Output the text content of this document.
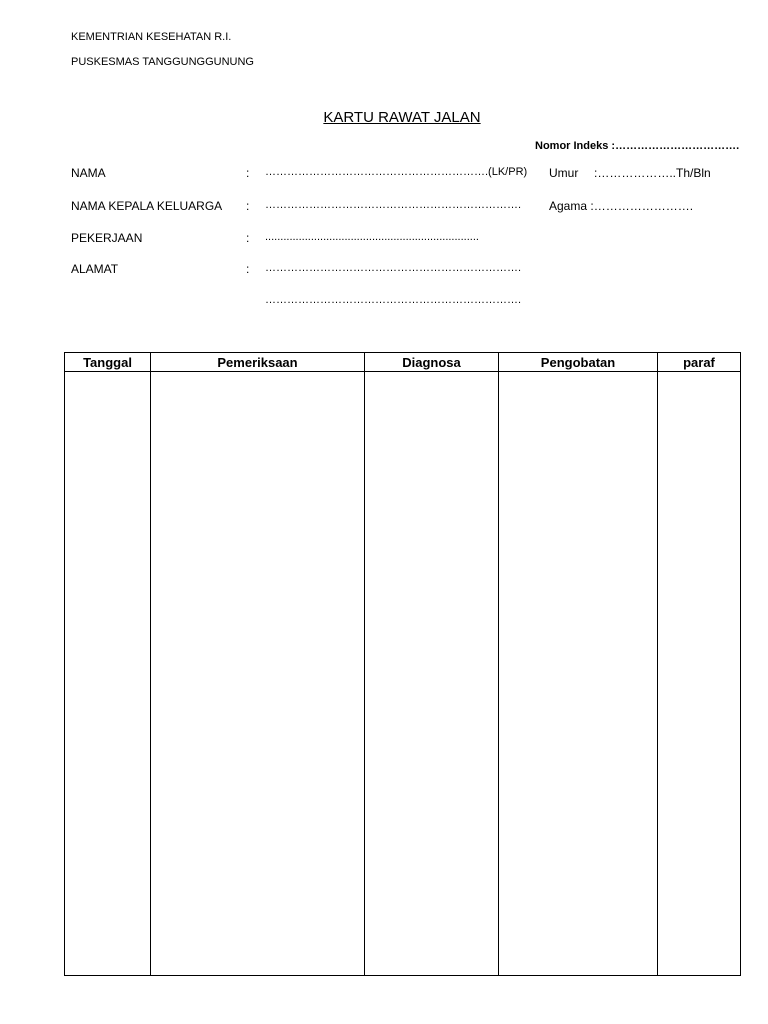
KEMENTRIAN KESEHATAN R.I.
PUSKESMAS TANGGUNGGUNUNG
KARTU RAWAT JALAN
Nomor Indeks :…………………………….
NAMA	: …………………………………………………….(LK/PR) Umur :………………..Th/Bln
NAMA KEPALA KELUARGA : ……………………………………………………………. Agama :…………………….
PEKERJAAN	: ......................................................................
ALAMAT	: …………………………………………………………….
…………………………………………………………….
Tanggal	Pemeriksaan	Diagnosa	Pengobatan	paraf
